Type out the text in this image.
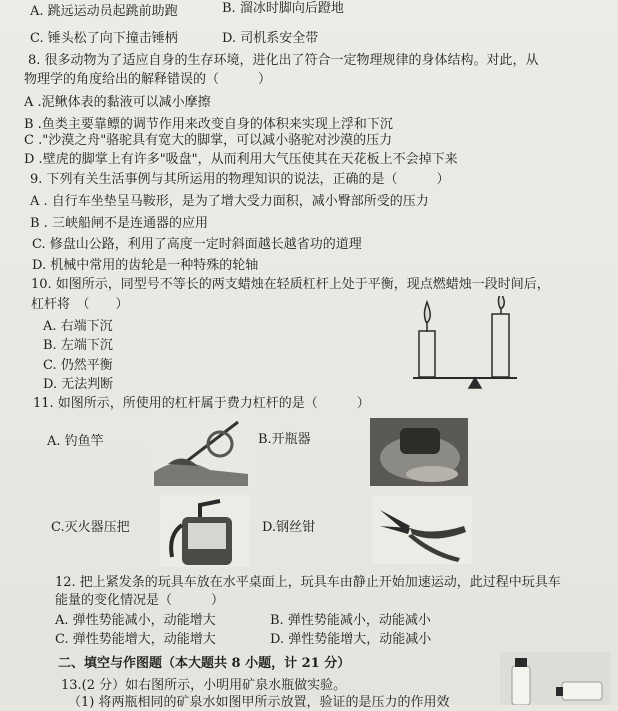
A. 跳远运动员起跳前助跑	B. 溜冰时脚向后蹬地
C. 锤头松了向下撞击锤柄	D. 司机系安全带
8. 很多动物为了适应自身的生存环境，进化出了符合一定物理规律的身体结构。对此，从
物理学的角度给出的解释错误的（　　　）
A .泥鳅体表的黏液可以减小摩擦
B .鱼类主要靠鳔的调节作用来改变自身的体积来实现上浮和下沉
C ."沙漠之舟"骆驼具有宽大的脚掌，可以减小骆驼对沙漠的压力
D .壁虎的脚掌上有许多"吸盘"，从而利用大气压使其在天花板上不会掉下来
9. 下列有关生活事例与其所运用的物理知识的说法，正确的是（　　　）
A . 自行车坐垫呈马鞍形，是为了增大受力面积，减小臀部所受的压力
B . 三峡船闸不是连通器的应用
C. 修盘山公路，利用了高度一定时斜面越长越省功的道理
D. 机械中常用的齿轮是一种特殊的轮轴
10. 如图所示，同型号不等长的两支蜡烛在轻质杠杆上处于平衡，现点燃蜡烛一段时间后，
杠杆将　（　　）
A. 右端下沉
B. 左端下沉
C. 仍然平衡
D. 无法判断
11. 如图所示，所使用的杠杆属于费力杠杆的是（　　　）
A. 钓鱼竿	B.开瓶器
C.灭火器压把	D.钢丝钳
12. 把上紧发条的玩具车放在水平桌面上，玩具车由静止开始加速运动，此过程中玩具车
能量的变化情况是（　　　）
A. 弹性势能减小，动能增大	B. 弹性势能减小，动能减小
C. 弹性势能增大，动能增大	D. 弹性势能增大，动能减小
二、填空与作图题（本大题共 8 小题，计 21 分）
13.(2 分）如右图所示，小明用矿泉水瓶做实验。
（1) 将两瓶相同的矿泉水如图甲所示放置，验证的是压力的作用效
